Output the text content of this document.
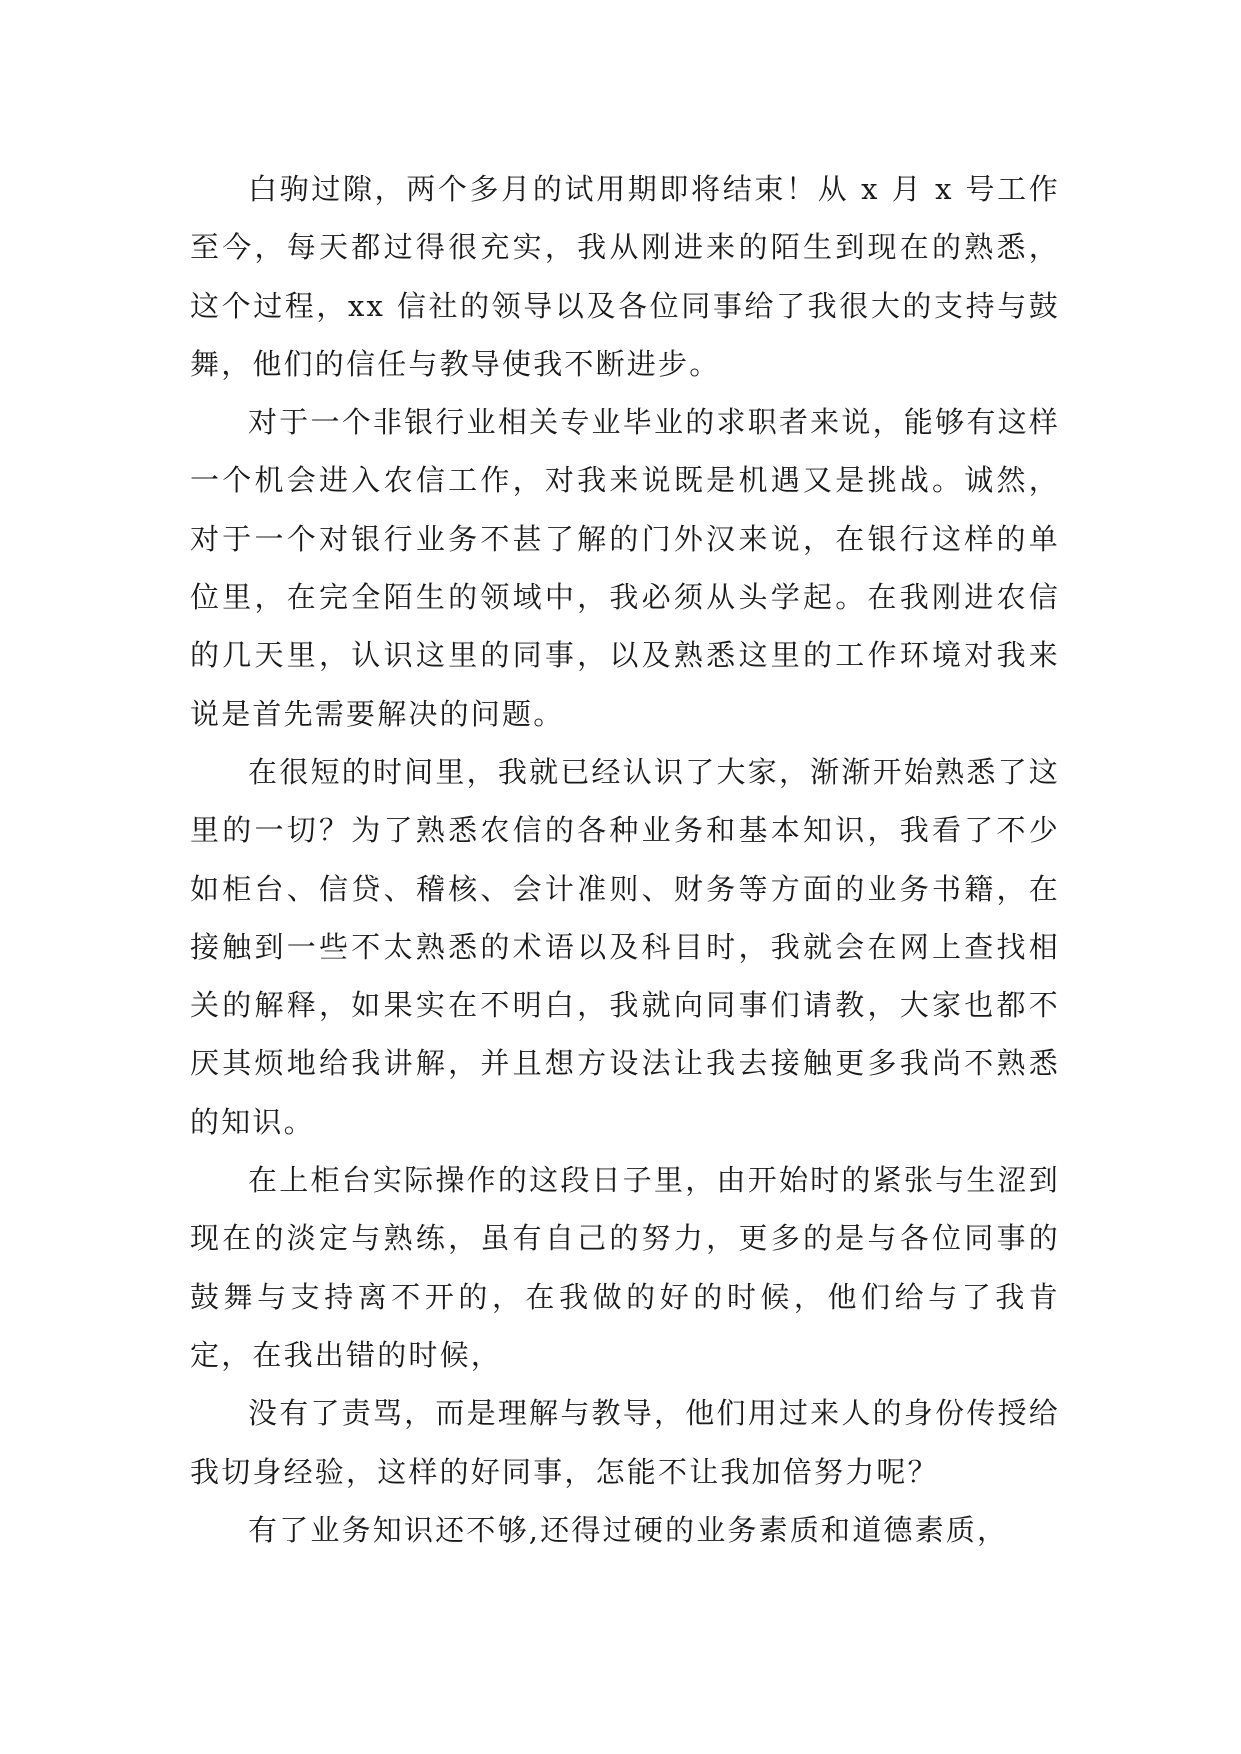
白驹过隙，两个多月的试用期即将结束！从 x 月 x 号工作至今，每天都过得很充实，我从刚进来的陌生到现在的熟悉，这个过程，xx 信社的领导以及各位同事给了我很大的支持与鼓舞，他们的信任与教导使我不断进步。

对于一个非银行业相关专业毕业的求职者来说，能够有这样一个机会进入农信工作，对我来说既是机遇又是挑战。诚然，对于一个对银行业务不甚了解的门外汉来说，在银行这样的单位里，在完全陌生的领域中，我必须从头学起。在我刚进农信的几天里，认识这里的同事，以及熟悉这里的工作环境对我来说是首先需要解决的问题。

在很短的时间里，我就已经认识了大家，渐渐开始熟悉了这里的一切？为了熟悉农信的各种业务和基本知识，我看了不少如柜台、信贷、稽核、会计准则、财务等方面的业务书籍，在接触到一些不太熟悉的术语以及科目时，我就会在网上查找相关的解释，如果实在不明白，我就向同事们请教，大家也都不厌其烦地给我讲解，并且想方设法让我去接触更多我尚不熟悉的知识。

在上柜台实际操作的这段日子里，由开始时的紧张与生涩到现在的淡定与熟练，虽有自己的努力，更多的是与各位同事的鼓舞与支持离不开的，在我做的好的时候，他们给与了我肯定，在我出错的时候，

没有了责骂，而是理解与教导，他们用过来人的身份传授给我切身经验，这样的好同事，怎能不让我加倍努力呢？

有了业务知识还不够,还得过硬的业务素质和道德素质，
